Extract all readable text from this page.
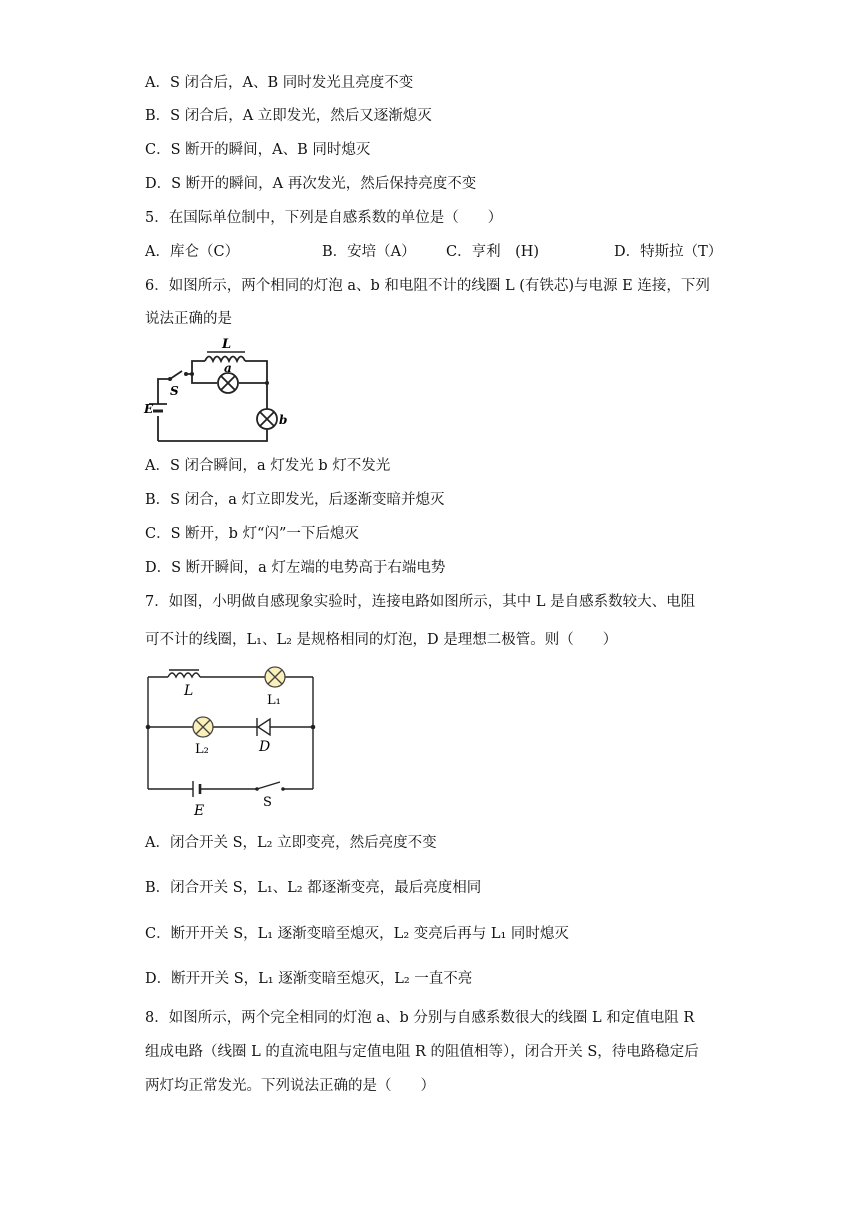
A．S 闭合后，A、B 同时发光且亮度不变
B．S 闭合后，A 立即发光，然后又逐渐熄灭
C．S 断开的瞬间，A、B 同时熄灭
D．S 断开的瞬间，A 再次发光，然后保持亮度不变
5．在国际单位制中，下列是自感系数的单位是（　　）
A．库仑（C）	B．安培（A） C．亨利　(H)	D．特斯拉（T）
6．如图所示，两个相同的灯泡 a、b 和电阻不计的线圈 L (有铁芯)与电源 E 连接，下列
说法正确的是
L
a
b
S
E
A．S 闭合瞬间，a 灯发光 b 灯不发光
B．S 闭合，a 灯立即发光，后逐渐变暗并熄灭
C．S 断开，b 灯“闪”一下后熄灭
D．S 断开瞬间，a 灯左端的电势高于右端电势
7．如图，小明做自感现象实验时，连接电路如图所示，其中 L 是自感系数较大、电阻
可不计的线圈，L₁、L₂ 是规格相同的灯泡，D 是理想二极管。则（　　）
L
L₁
L₂	D
E
S
A．闭合开关 S，L₂ 立即变亮，然后亮度不变
B．闭合开关 S，L₁、L₂ 都逐渐变亮，最后亮度相同
C．断开开关 S，L₁ 逐渐变暗至熄灭，L₂ 变亮后再与 L₁ 同时熄灭
D．断开开关 S，L₁ 逐渐变暗至熄灭，L₂ 一直不亮
8．如图所示，两个完全相同的灯泡 a、b 分别与自感系数很大的线圈 L 和定值电阻 R
组成电路（线圈 L 的直流电阻与定值电阻 R 的阻值相等），闭合开关 S，待电路稳定后
两灯均正常发光。下列说法正确的是（　　）
